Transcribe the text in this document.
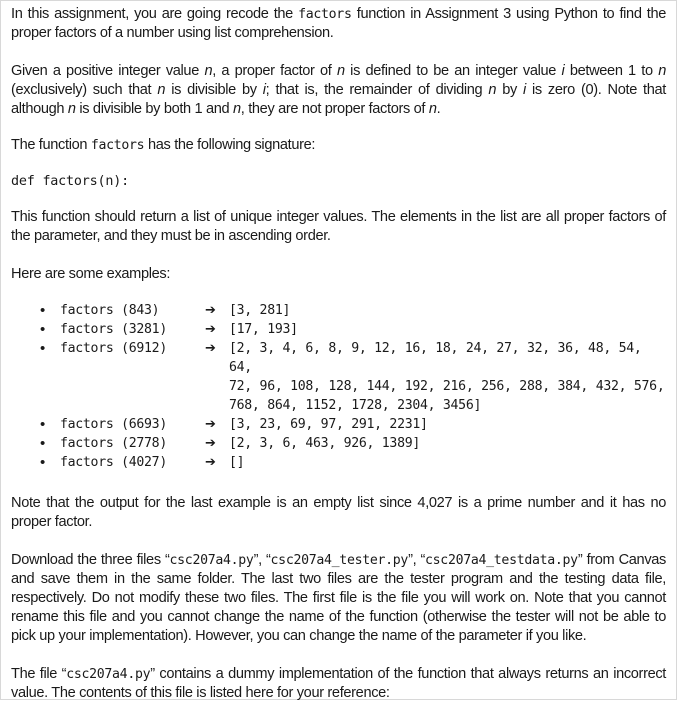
In this assignment, you are going recode the factors function in Assignment 3 using Python to find the proper factors of a number using list comprehension.

Given a positive integer value n, a proper factor of n is defined to be an integer value i between 1 to n (exclusively) such that n is divisible by i; that is, the remainder of dividing n by i is zero (0). Note that although n is divisible by both 1 and n, they are not proper factors of n.

The function factors has the following signature:

def factors(n):

This function should return a list of unique integer values. The elements in the list are all proper factors of the parameter, and they must be in ascending order.

Here are some examples:

• factors (843)	➔	[3, 281]
• factors (3281)	➔	[17, 193]
• factors (6912)	➔	[2, 3, 4, 6, 8, 9, 12, 16, 18, 24, 27, 32, 36, 48, 54, 64,
72, 96, 108, 128, 144, 192, 216, 256, 288, 384, 432, 576,
768, 864, 1152, 1728, 2304, 3456]
• factors (6693)	➔	[3, 23, 69, 97, 291, 2231]
• factors (2778)	➔	[2, 3, 6, 463, 926, 1389]
• factors (4027)	➔	[]

Note that the output for the last example is an empty list since 4,027 is a prime number and it has no proper factor.

Download the three files “csc207a4.py”, “csc207a4_tester.py”, “csc207a4_testdata.py” from Canvas and save them in the same folder. The last two files are the tester program and the testing data file, respectively. Do not modify these two files. The first file is the file you will work on. Note that you cannot rename this file and you cannot change the name of the function (otherwise the tester will not be able to pick up your implementation). However, you can change the name of the parameter if you like.

The file “csc207a4.py” contains a dummy implementation of the function that always returns an incorrect value. The contents of this file is listed here for your reference:
